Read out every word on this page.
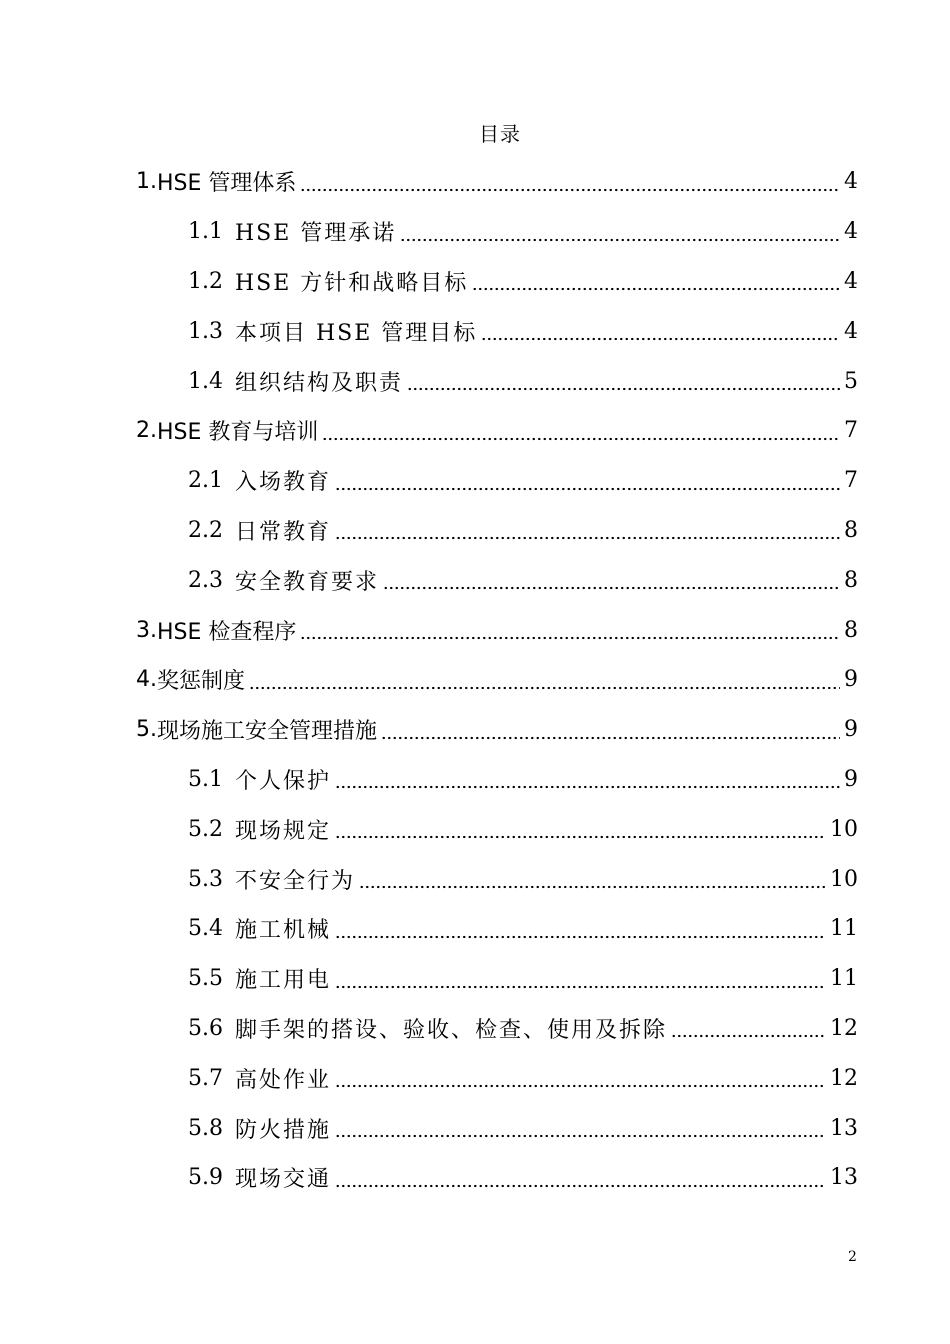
目录
1. HSE 管理体系	4
1.1 HSE 管理承诺	4
1.2 HSE 方针和战略目标	4
1.3 本项目 HSE 管理目标	4
1.4 组织结构及职责	5
2. HSE 教育与培训	7
2.1 入场教育	7
2.2 日常教育	8
2.3 安全教育要求	8
3. HSE 检查程序	8
4. 奖惩制度	9
5. 现场施工安全管理措施	9
5.1 个人保护	9
5.2 现场规定	10
5.3 不安全行为	10
5.4 施工机械	11
5.5 施工用电	11
5.6 脚手架的搭设、验收、检查、使用及拆除	12
5.7 高处作业	12
5.8 防火措施	13
5.9 现场交通	13
2
